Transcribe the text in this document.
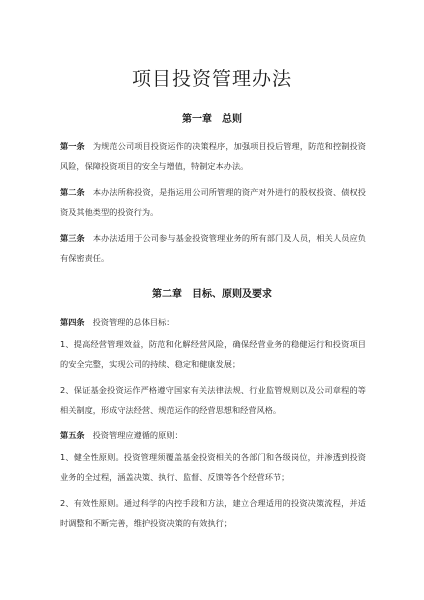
项目投资管理办法
第一章　总则

第一条 为规范公司项目投资运作的决策程序，加强项目投后管理，防范和控制投资风险，保障投资项目的安全与增值，特制定本办法。

第二条 本办法所称投资，是指运用公司所管理的资产对外进行的股权投资、债权投资及其他类型的投资行为。

第三条 本办法适用于公司参与基金投资管理业务的所有部门及人员，相关人员应负有保密责任。

第二章　目标、原则及要求

第四条 投资管理的总体目标：

1、提高经营管理效益，防范和化解经营风险，确保经营业务的稳健运行和投资项目的安全完整，实现公司的持续、稳定和健康发展；

2、保证基金投资运作严格遵守国家有关法律法规、行业监管规则以及公司章程的等相关制度，形成守法经营、规范运作的经营思想和经营风格。

第五条 投资管理应遵循的原则：

1、健全性原则。投资管理须覆盖基金投资相关的各部门和各级岗位，并渗透到投资业务的全过程，涵盖决策、执行、监督、反馈等各个经营环节；

2、有效性原则。通过科学的内控手段和方法，建立合理适用的投资决策流程，并适时调整和不断完善，维护投资决策的有效执行；
